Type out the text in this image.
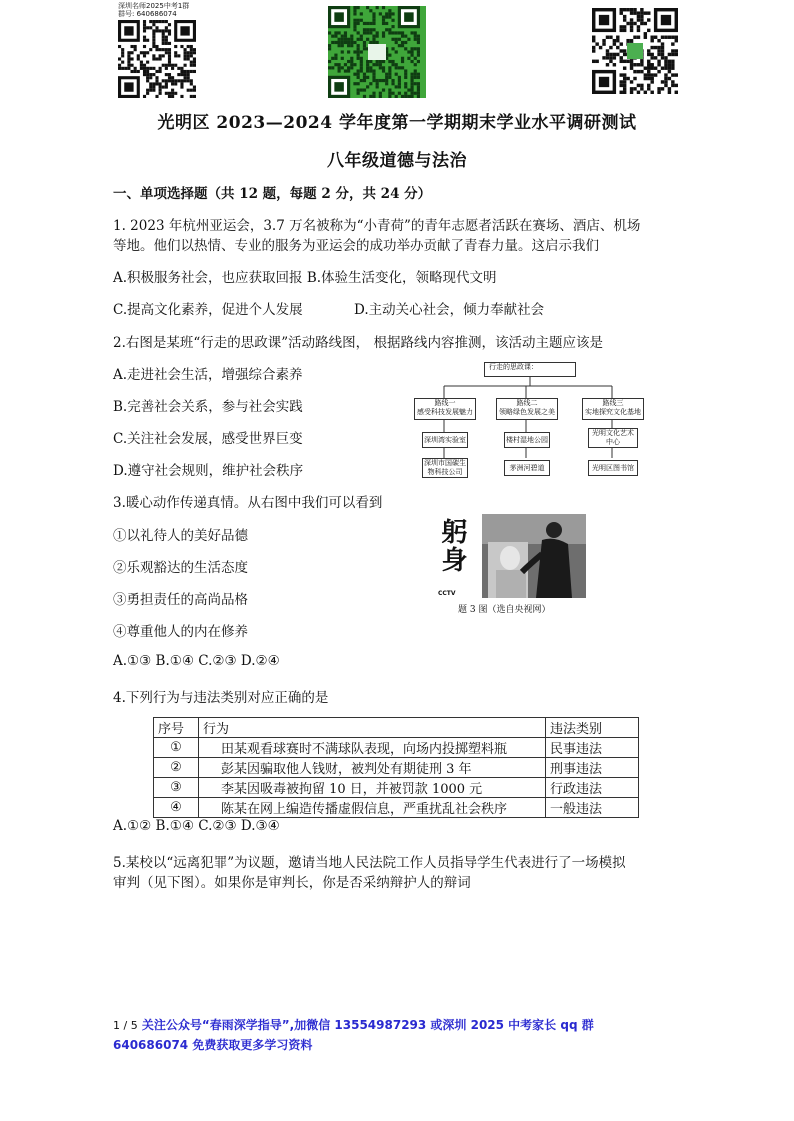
深圳名师2025中考1群
群号: 640686074
光明区 2023—2024 学年度第一学期期末学业水平调研测试
八年级道德与法治
一、单项选择题（共 12 题，每题 2 分，共 24 分）
1. 2023 年杭州亚运会，3.7 万名被称为“小青荷”的青年志愿者活跃在赛场、酒店、机场
等地。他们以热情、专业的服务为亚运会的成功举办贡献了青春力量。这启示我们
A.积极服务社会，也应获取回报 B.体验生活变化，领略现代文明
C.提高文化素养，促进个人发展	D.主动关心社会，倾力奉献社会
2.右图是某班“行走的思政课”活动路线图， 根据路线内容推测，该活动主题应该是
A.走进社会生活，增强综合素养
B.完善社会关系，参与社会实践
C.关注社会发展，感受世界巨变
D.遵守社会规则，维护社会秩序
行走的思政课：
路线一
感受科技发展魅力
路线二
领略绿色发展之美
路线三
实地探究文化基地
深圳湾实验室	楼村湿地公园
光明文化艺术
中心
深圳市国碳生
物科技公司	茅洲河碧道	光明区图书馆
3.暖心动作传递真情。从右图中我们可以看到
①以礼待人的美好品德
②乐观豁达的生活态度
③勇担责任的高尚品格
④尊重他人的内在修养
A.①③ B.①④ C.②③ D.②④
躬身
CCTV
题 3 图（选自央视网）
4.下列行为与违法类别对应正确的是
序号	行为	违法类别
①	田某观看球赛时不满球队表现，向场内投掷塑料瓶	民事违法
②	彭某因骗取他人钱财，被判处有期徒刑 3 年	刑事违法
③	李某因吸毒被拘留 10 日，并被罚款 1000 元	行政违法
④	陈某在网上编造传播虚假信息，严重扰乱社会秩序	一般违法
A.①② B.①④ C.②③ D.③④
5.某校以“远离犯罪”为议题，邀请当地人民法院工作人员指导学生代表进行了一场模拟
审判（见下图）。如果你是审判长，你是否采纳辩护人的辩词
1 / 5 关注公众号“春雨深学指导”,加微信 13554987293 或深圳 2025 中考家长 qq 群
640686074 免费获取更多学习资料
